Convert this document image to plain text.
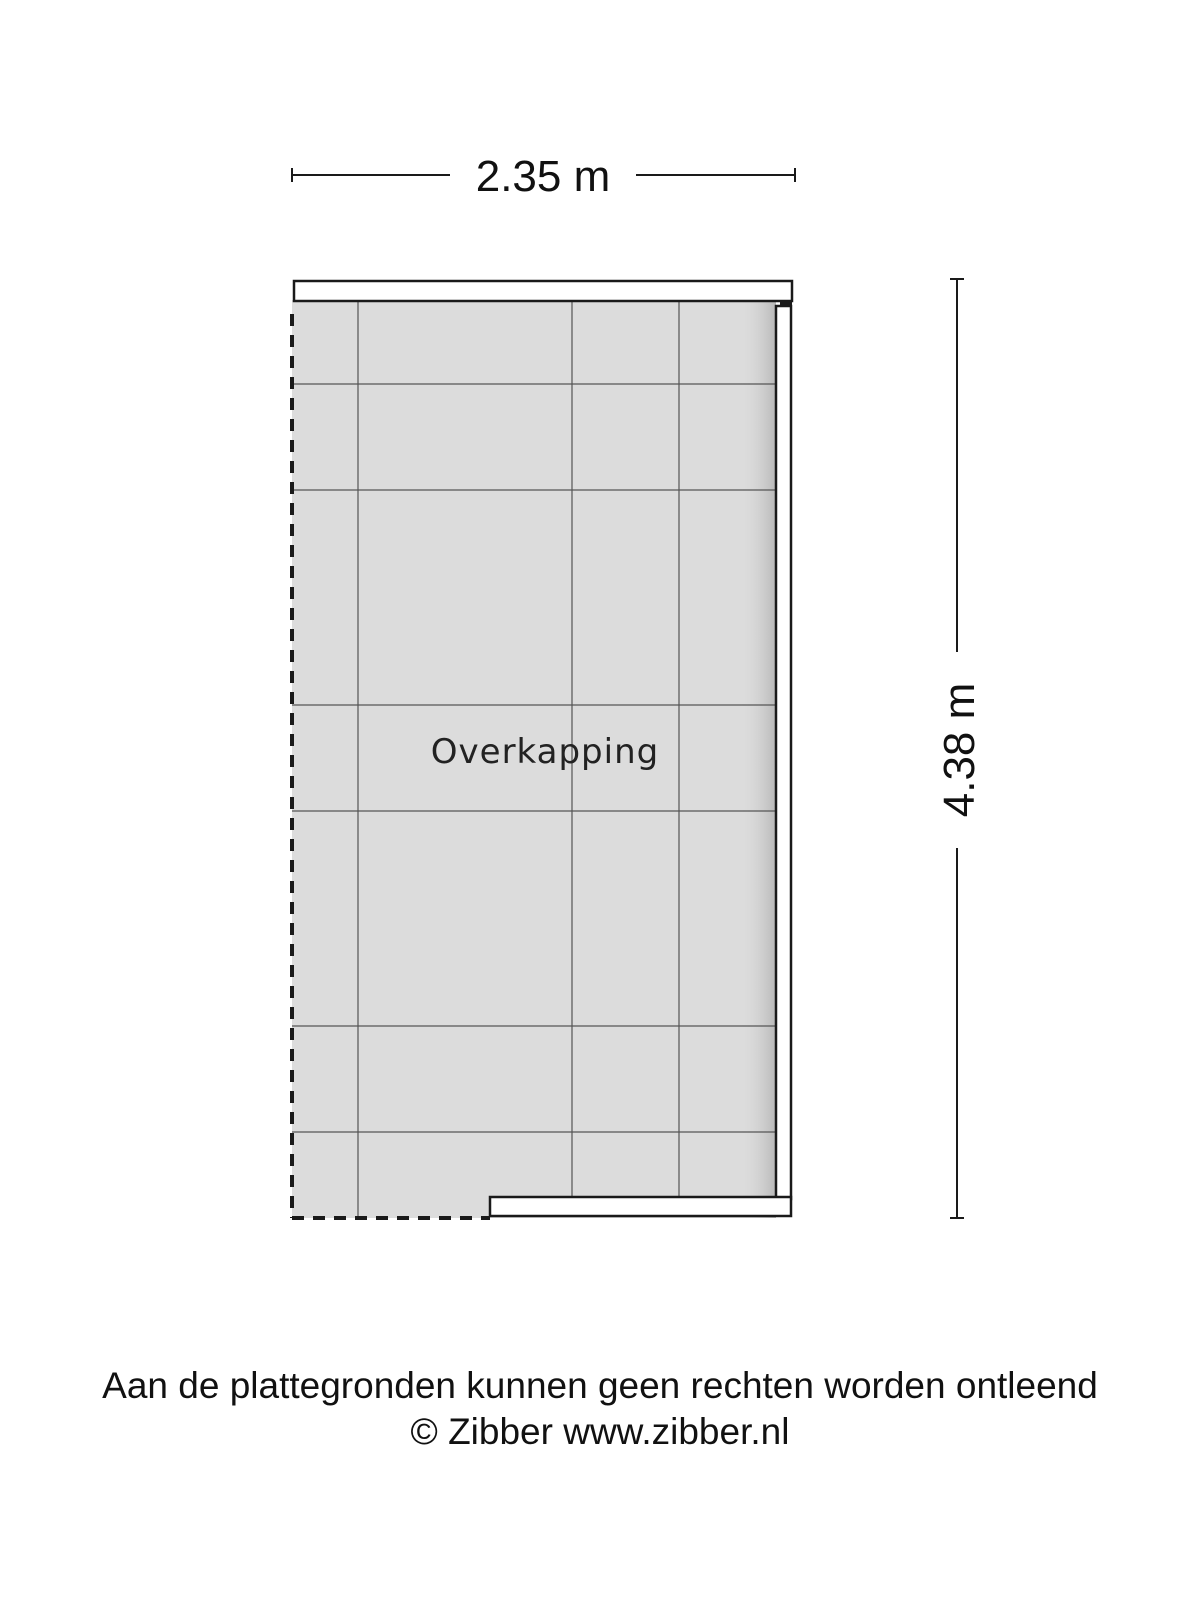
2.35 m
4.38 m
Overkapping
Aan de plattegronden kunnen geen rechten worden ontleend
© Zibber www.zibber.nl
